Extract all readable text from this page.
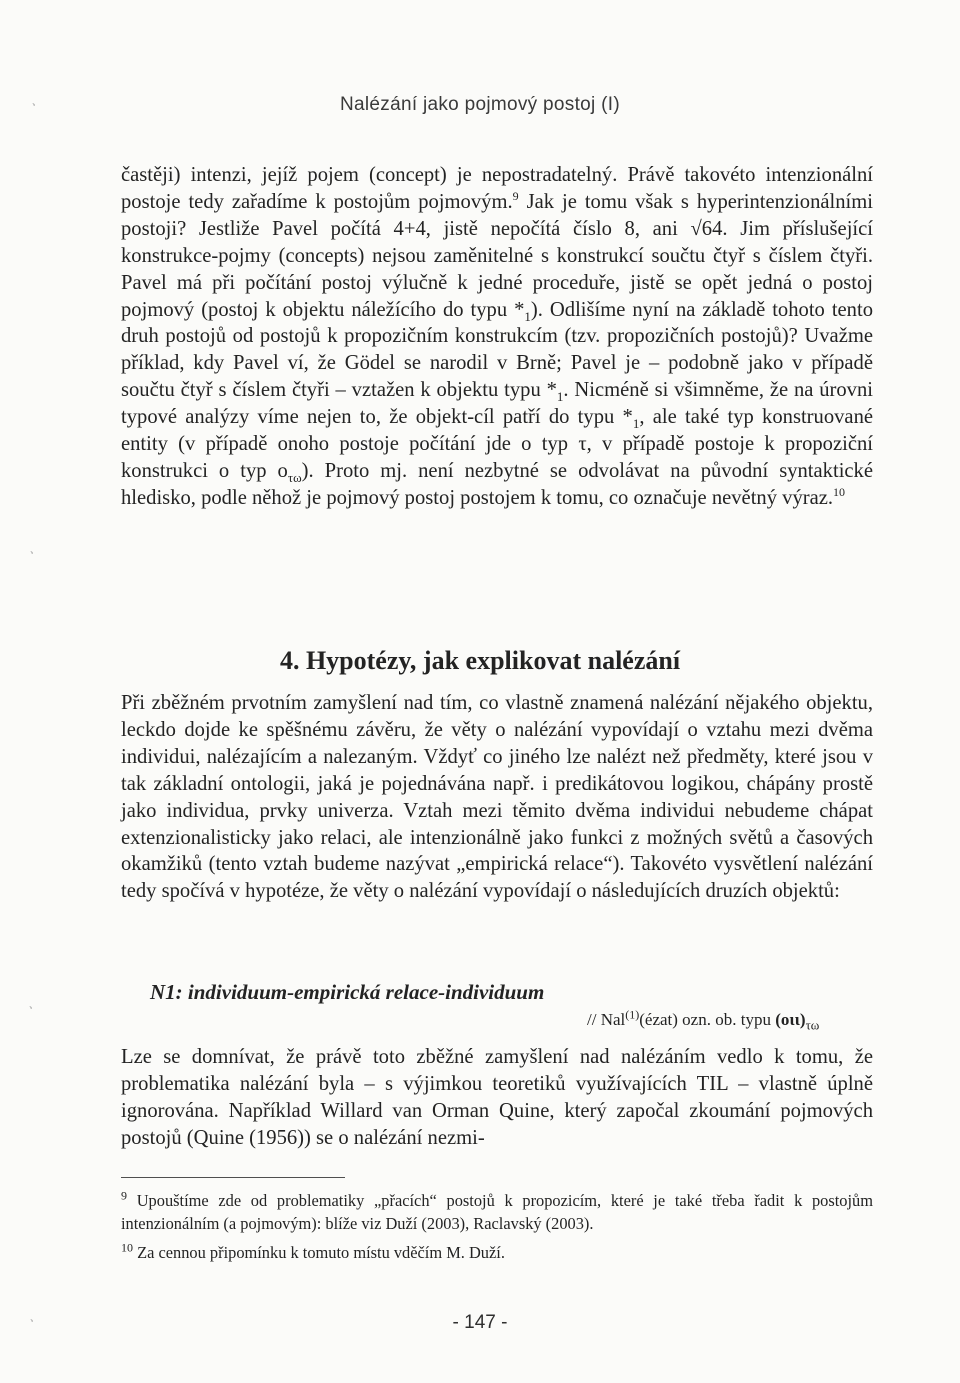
ㆍ
ㆍ
ㆍ
ㆍ
Nalézání jako pojmový postoj (I)

častěji) intenzi, jejíž pojem (concept) je nepostradatelný. Právě takovéto intenzionální postoje tedy zařadíme k postojům pojmovým.$^9$ Jak je tomu však s hyperintenzionálními postoji? Jestliže Pavel počítá 4+4, jistě nepočítá číslo 8, ani √64. Jim příslušející konstrukce-pojmy (concepts) nejsou zaměnitelné s konstrukcí součtu čtyř s číslem čtyři. Pavel má při počítání postoj výlučně k jedné proceduře, jistě se opět jedná o postoj pojmový (postoj k objektu náležícího do typu $*_1$). Odlišíme nyní na základě tohoto tento druh postojů od postojů k propozičním konstrukcím (tzv. propozičních postojů)? Uvažme příklad, kdy Pavel ví, že Gödel se narodil v Brně; Pavel je – podobně jako v případě součtu čtyř s číslem čtyři – vztažen k objektu typu $*_1$. Nicméně si všimněme, že na úrovni typové analýzy víme nejen to, že objekt-cíl patří do typu $*_1$, ale také typ konstruované entity (v případě onoho postoje počítání jde o typ τ, v případě postoje k propoziční konstrukci o typ $o_{\tau\omega}$). Proto mj. není nezbytné se odvolávat na původní syntaktické hledisko, podle něhož je pojmový postoj postojem k tomu, co označuje nevětný výraz.$^{10}$

4. Hypotézy, jak explikovat nalézání

Při zběžném prvotním zamyšlení nad tím, co vlastně znamená nalézání nějakého objektu, leckdo dojde ke spěšnému závěru, že věty o nalézání vypovídají o vztahu mezi dvěma individui, nalézajícím a nalezaným. Vždyť co jiného lze nalézt než předměty, které jsou v tak základní ontologii, jaká je pojednávána např. i predikátovou logikou, chápány prostě jako individua, prvky univerza. Vztah mezi těmito dvěma individui nebudeme chápat extenzionalisticky jako relaci, ale intenzionálně jako funkci z možných světů a časových okamžiků (tento vztah budeme nazývat „empirická relace“). Takovéto vysvětlení nalézání tedy spočívá v hypotéze, že věty o nalézání vypovídají o následujících druzích objektů:

N1: individuum-empirická relace-individuum
// Nal$^{(1)}$(ézat) ozn. ob. typu $(o\iota\iota)_{\tau\omega}$

Lze se domnívat, že právě toto zběžné zamyšlení nad nalézáním vedlo k tomu, že problematika nalézání byla – s výjimkou teoretiků využívajících TIL – vlastně úplně ignorována. Například Willard van Orman Quine, který započal zkoumání pojmových postojů (Quine (1956)) se o nalézání nezmi-

$^9$ Upouštíme zde od problematiky „přacích“ postojů k propozicím, které je také třeba řadit k postojům intenzionálním (a pojmovým): blíže viz Duží (2003), Raclavský (2003).

$^{10}$ Za cennou připomínku k tomuto místu vděčím M. Duží.

- 147 -
